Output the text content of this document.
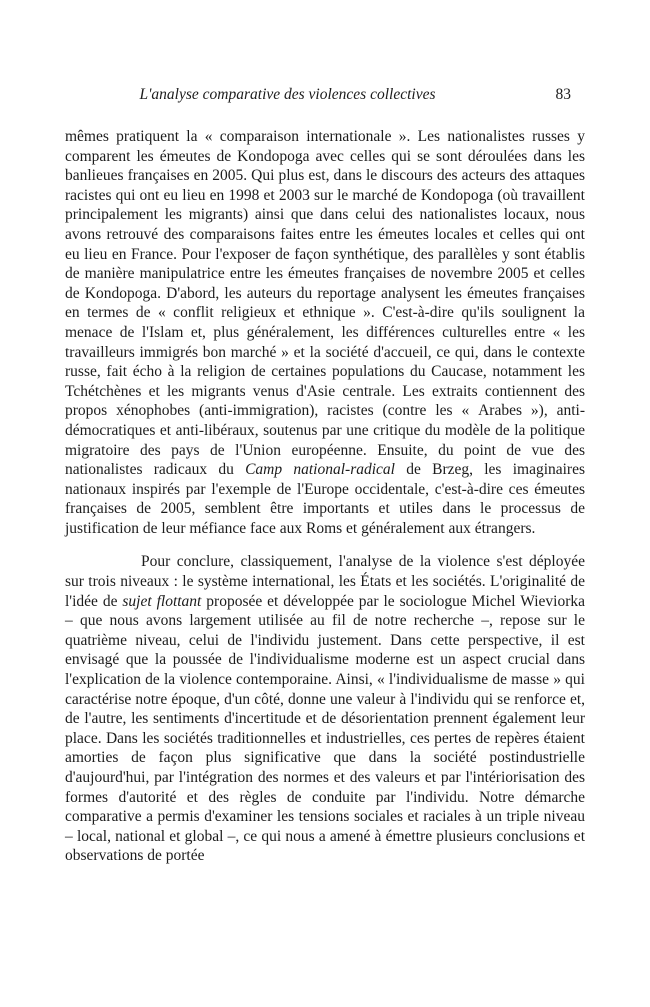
L'analyse comparative des violences collectives	83

mêmes pratiquent la « comparaison internationale ». Les nationalistes russes y comparent les émeutes de Kondopoga avec celles qui se sont déroulées dans les banlieues françaises en 2005. Qui plus est, dans le discours des acteurs des attaques racistes qui ont eu lieu en 1998 et 2003 sur le marché de Kondopoga (où travaillent principalement les migrants) ainsi que dans celui des nationalistes locaux, nous avons retrouvé des comparaisons faites entre les émeutes locales et celles qui ont eu lieu en France. Pour l'exposer de façon synthétique, des parallèles y sont établis de manière manipulatrice entre les émeutes françaises de novembre 2005 et celles de Kondopoga. D'abord, les auteurs du reportage analysent les émeutes françaises en termes de « conflit religieux et ethnique ». C'est-à-dire qu'ils soulignent la menace de l'Islam et, plus généralement, les différences culturelles entre « les travailleurs immigrés bon marché » et la société d'accueil, ce qui, dans le contexte russe, fait écho à la religion de certaines populations du Caucase, notamment les Tchétchènes et les migrants venus d'Asie centrale. Les extraits contiennent des propos xénophobes (anti-immigration), racistes (contre les « Arabes »), anti-démocratiques et anti-libéraux, soutenus par une critique du modèle de la politique migratoire des pays de l'Union européenne. Ensuite, du point de vue des nationalistes radicaux du Camp national-radical de Brzeg, les imaginaires nationaux inspirés par l'exemple de l'Europe occidentale, c'est-à-dire ces émeutes françaises de 2005, semblent être importants et utiles dans le processus de justification de leur méfiance face aux Roms et généralement aux étrangers.

Pour conclure, classiquement, l'analyse de la violence s'est déployée sur trois niveaux : le système international, les États et les sociétés. L'originalité de l'idée de sujet flottant proposée et développée par le sociologue Michel Wieviorka – que nous avons largement utilisée au fil de notre recherche –, repose sur le quatrième niveau, celui de l'individu justement. Dans cette perspective, il est envisagé que la poussée de l'individualisme moderne est un aspect crucial dans l'explication de la violence contemporaine. Ainsi, « l'individualisme de masse » qui caractérise notre époque, d'un côté, donne une valeur à l'individu qui se renforce et, de l'autre, les sentiments d'incertitude et de désorientation prennent également leur place. Dans les sociétés traditionnelles et industrielles, ces pertes de repères étaient amorties de façon plus significative que dans la société postindustrielle d'aujourd'hui, par l'intégration des normes et des valeurs et par l'intériorisation des formes d'autorité et des règles de conduite par l'individu. Notre démarche comparative a permis d'examiner les tensions sociales et raciales à un triple niveau – local, national et global –, ce qui nous a amené à émettre plusieurs conclusions et observations de portée
